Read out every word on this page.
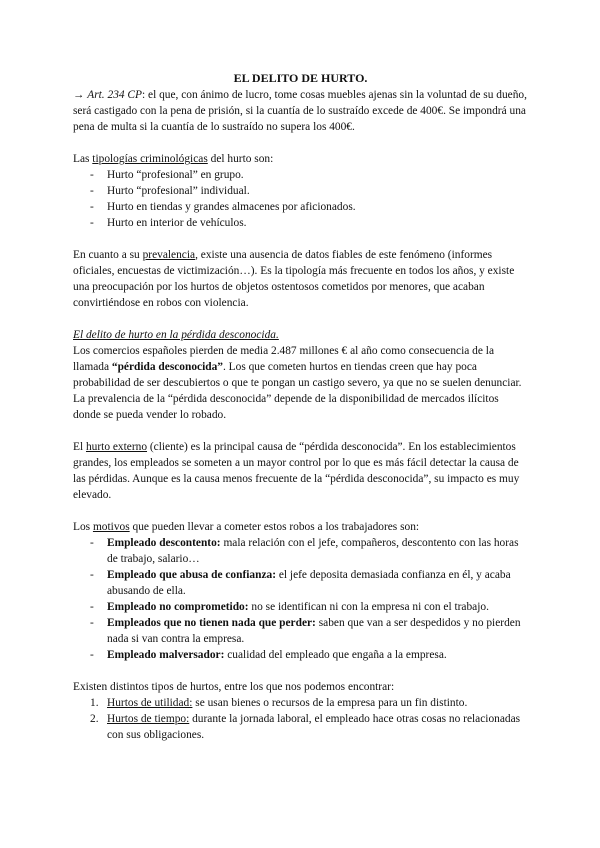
EL DELITO DE HURTO.

→ Art. 234 CP: el que, con ánimo de lucro, tome cosas muebles ajenas sin la voluntad de su dueño, será castigado con la pena de prisión, si la cuantía de lo sustraído excede de 400€. Se impondrá una pena de multa si la cuantía de lo sustraído no supera los 400€.

Las tipologías criminológicas del hurto son:

- Hurto “profesional” en grupo.
- Hurto “profesional” individual.
- Hurto en tiendas y grandes almacenes por aficionados.
- Hurto en interior de vehículos.

En cuanto a su prevalencia, existe una ausencia de datos fiables de este fenómeno (informes oficiales, encuestas de victimización…). Es la tipología más frecuente en todos los años, y existe una preocupación por los hurtos de objetos ostentosos cometidos por menores, que acaban convirtiéndose en robos con violencia.

El delito de hurto en la pérdida desconocida.

Los comercios españoles pierden de media 2.487 millones € al año como consecuencia de la llamada “pérdida desconocida”. Los que cometen hurtos en tiendas creen que hay poca probabilidad de ser descubiertos o que te pongan un castigo severo, ya que no se suelen denunciar. La prevalencia de la “pérdida desconocida” depende de la disponibilidad de mercados ilícitos donde se pueda vender lo robado.

El hurto externo (cliente) es la principal causa de “pérdida desconocida”. En los establecimientos grandes, los empleados se someten a un mayor control por lo que es más fácil detectar la causa de las pérdidas. Aunque es la causa menos frecuente de la “pérdida desconocida”, su impacto es muy elevado.

Los motivos que pueden llevar a cometer estos robos a los trabajadores son:

- Empleado descontento: mala relación con el jefe, compañeros, descontento con las horas de trabajo, salario…
- Empleado que abusa de confianza: el jefe deposita demasiada confianza en él, y acaba abusando de ella.
- Empleado no comprometido: no se identifican ni con la empresa ni con el trabajo.
- Empleados que no tienen nada que perder: saben que van a ser despedidos y no pierden nada si van contra la empresa.
- Empleado malversador: cualidad del empleado que engaña a la empresa.

Existen distintos tipos de hurtos, entre los que nos podemos encontrar:

1. Hurtos de utilidad: se usan bienes o recursos de la empresa para un fin distinto.
2. Hurtos de tiempo: durante la jornada laboral, el empleado hace otras cosas no relacionadas con sus obligaciones.
